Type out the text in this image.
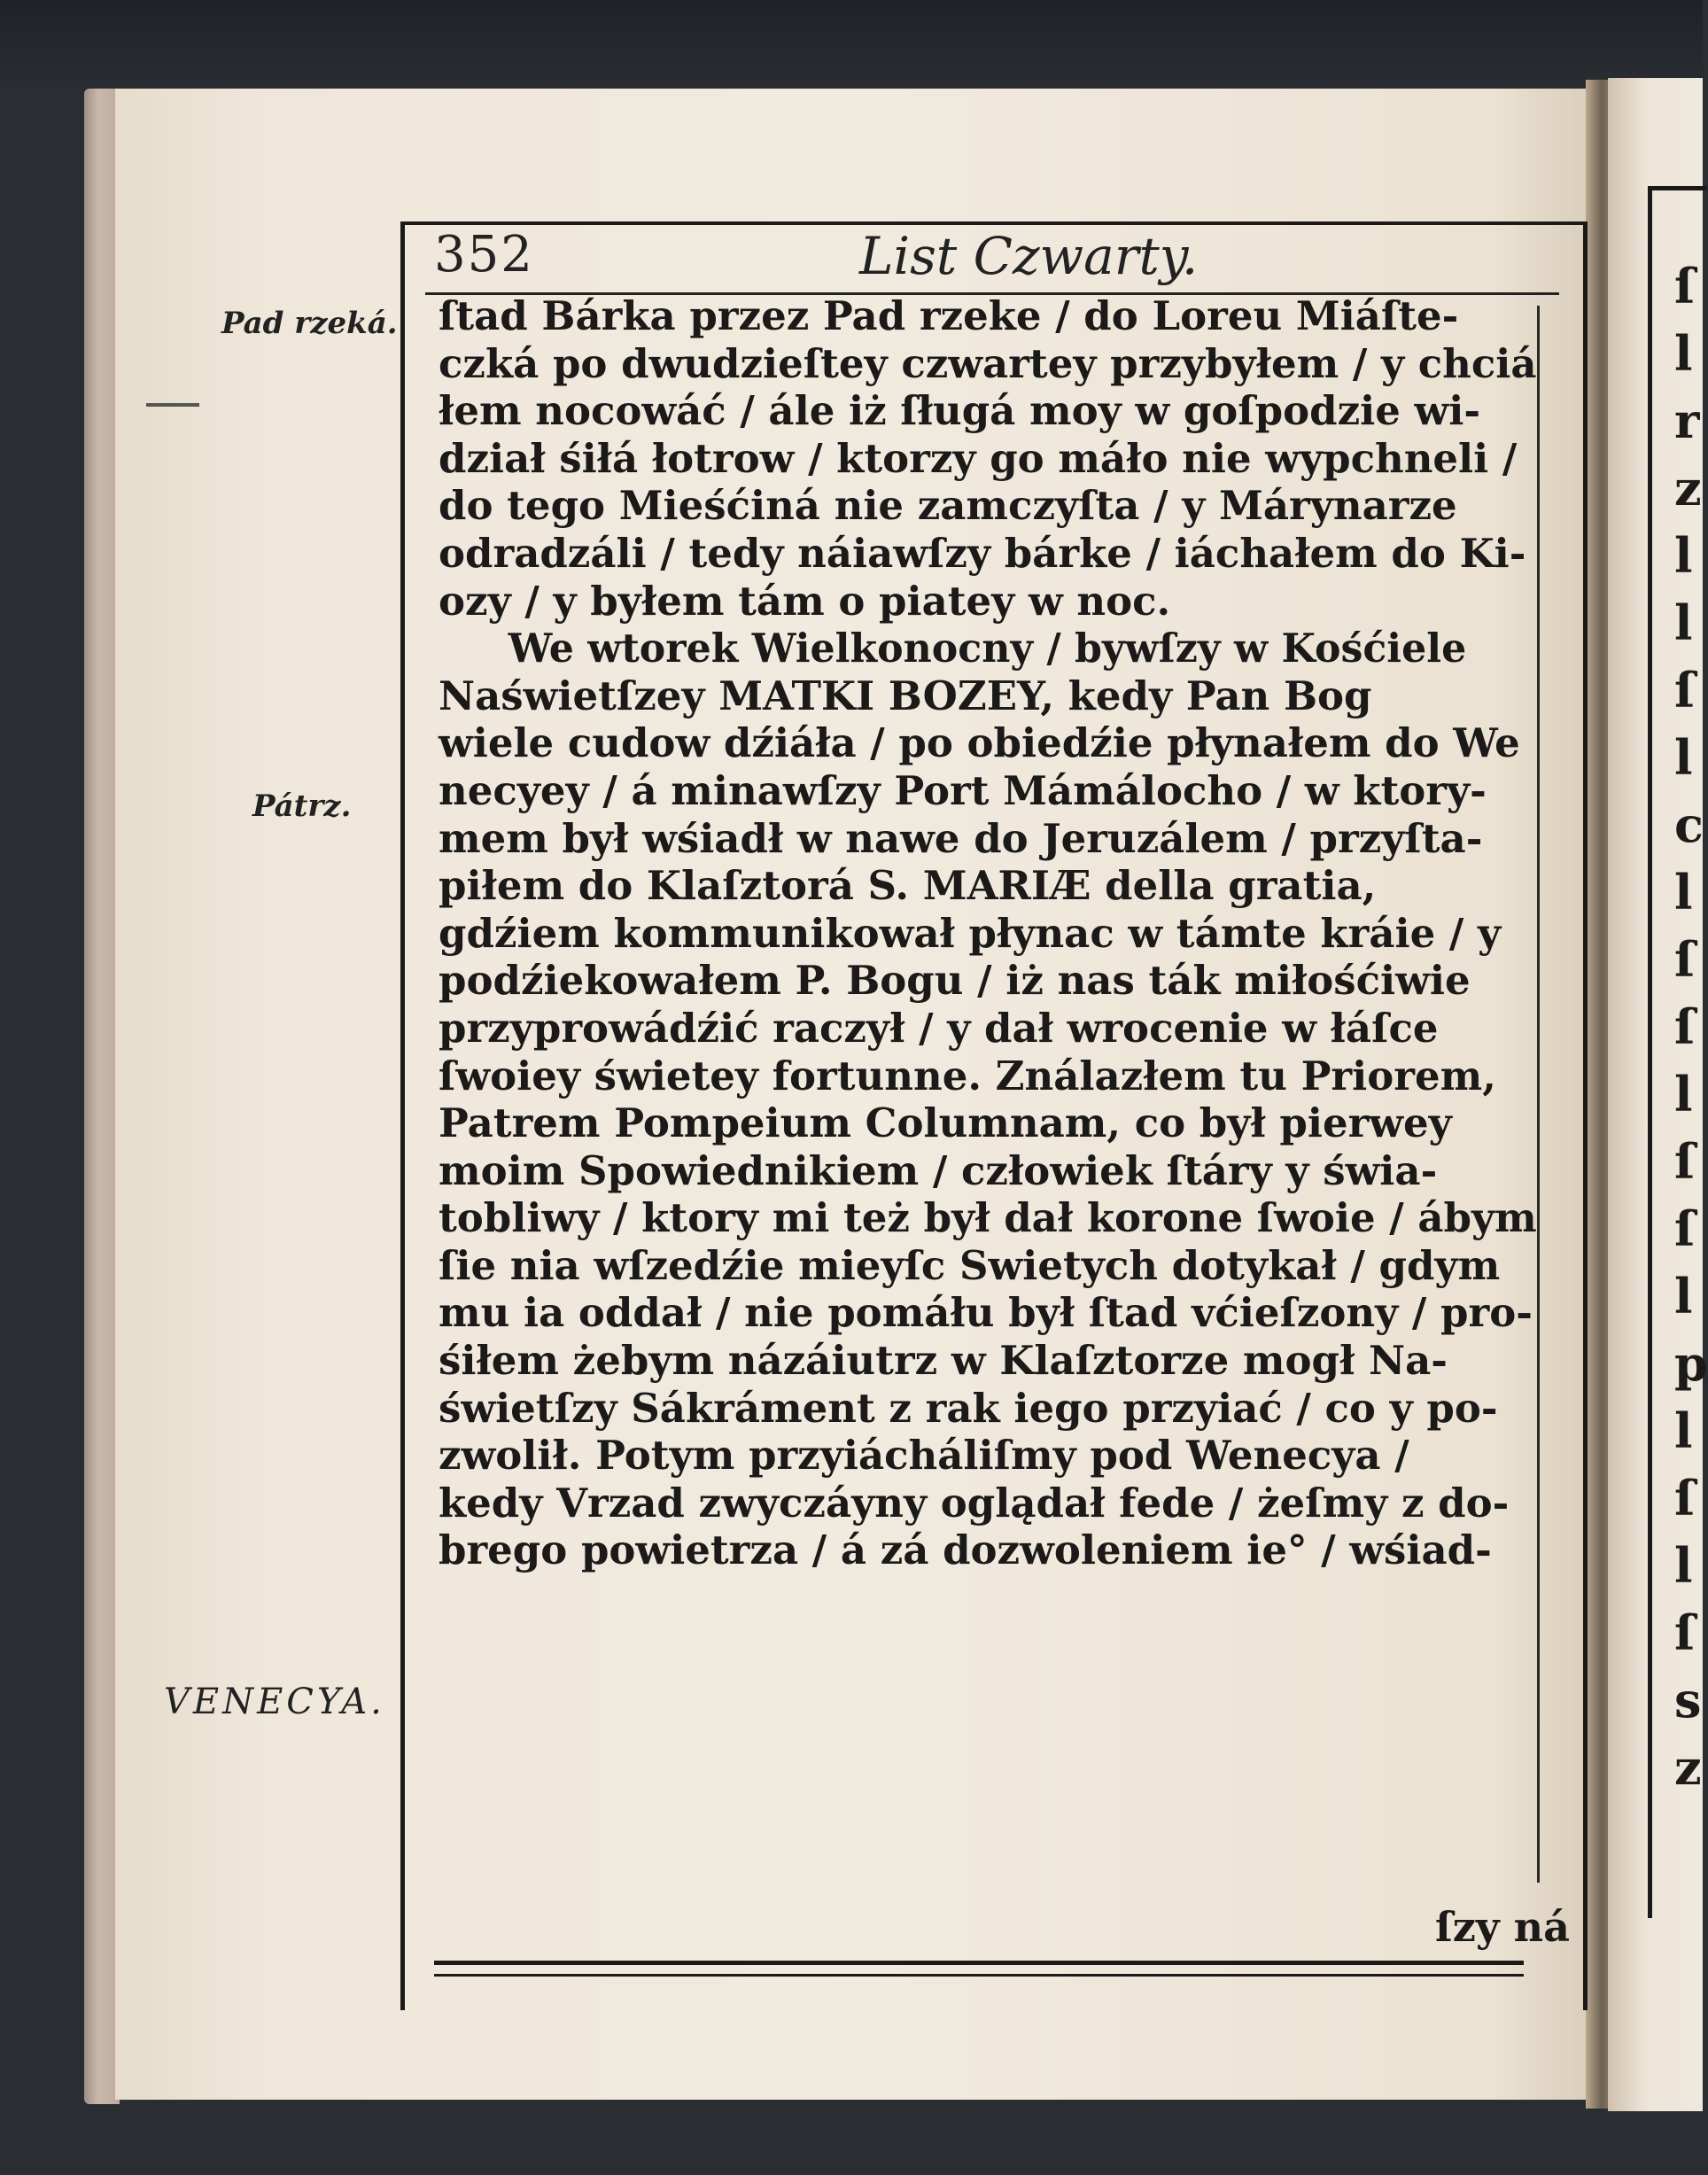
ſ
l
r
z
l
l
ſ
l
c
l
ſ
ſ
l
ſ
ſ
l
p
l
ſ
l
ſ
s
z
352	List Czwarty.
Pad rzeká.
Pátrz.
VENECYA.
ſtad Bárka przez Pad rzeke / do Loreu Miáſte-
czká po dwudzieſtey czwartey przybyłem / y chciá
łem nocowáć / ále iż ſługá moy w goſpodzie wi-
dział śiłá łotrow / ktorzy go máło nie wypchneli /
do tego Mieśćiná nie zamczyſta / y Márynarze
odradzáli / tedy náiawſzy bárke / iáchałem do Ki-
ozy / y byłem tám o piatey w noc.
We wtorek Wielkonocny / bywſzy w Kośćiele
Naświetſzey MATKI BOZEY, kedy Pan Bog
wiele cudow dźiáła / po obiedźie płynałem do We
necyey / á minawſzy Port Mámálocho / w ktory-
mem był wśiadł w nawe do Jeruzálem / przyſta-
piłem do Klaſztorá S. MARIÆ della gratia,
gdźiem kommunikował płynac w támte kráie / y
podźiekowałem P. Bogu / iż nas ták miłośćiwie
przyprowádźić raczył / y dał wrocenie w łáſce
ſwoiey świetey fortunne. Ználazłem tu Priorem,
Patrem Pompeium Columnam, co był pierwey
moim Spowiednikiem / człowiek ſtáry y świa-
tobliwy / ktory mi też był dał korone ſwoie / ábym
ſie nia wſzedźie mieyſc Swietych dotykał / gdym
mu ia oddał / nie pomáłu był ſtad vćieſzony / pro-
śiłem żebym názáiutrz w Klaſztorze mogł Na-
świetſzy Sákráment z rak iego przyiać / co y po-
zwolił. Potym przyiácháliſmy pod Wenecya /
kedy Vrzad zwyczáyny oglądał fede / żeſmy z do-
brego powietrza / á zá dozwoleniem ie° / wśiad-
ſzy ná
